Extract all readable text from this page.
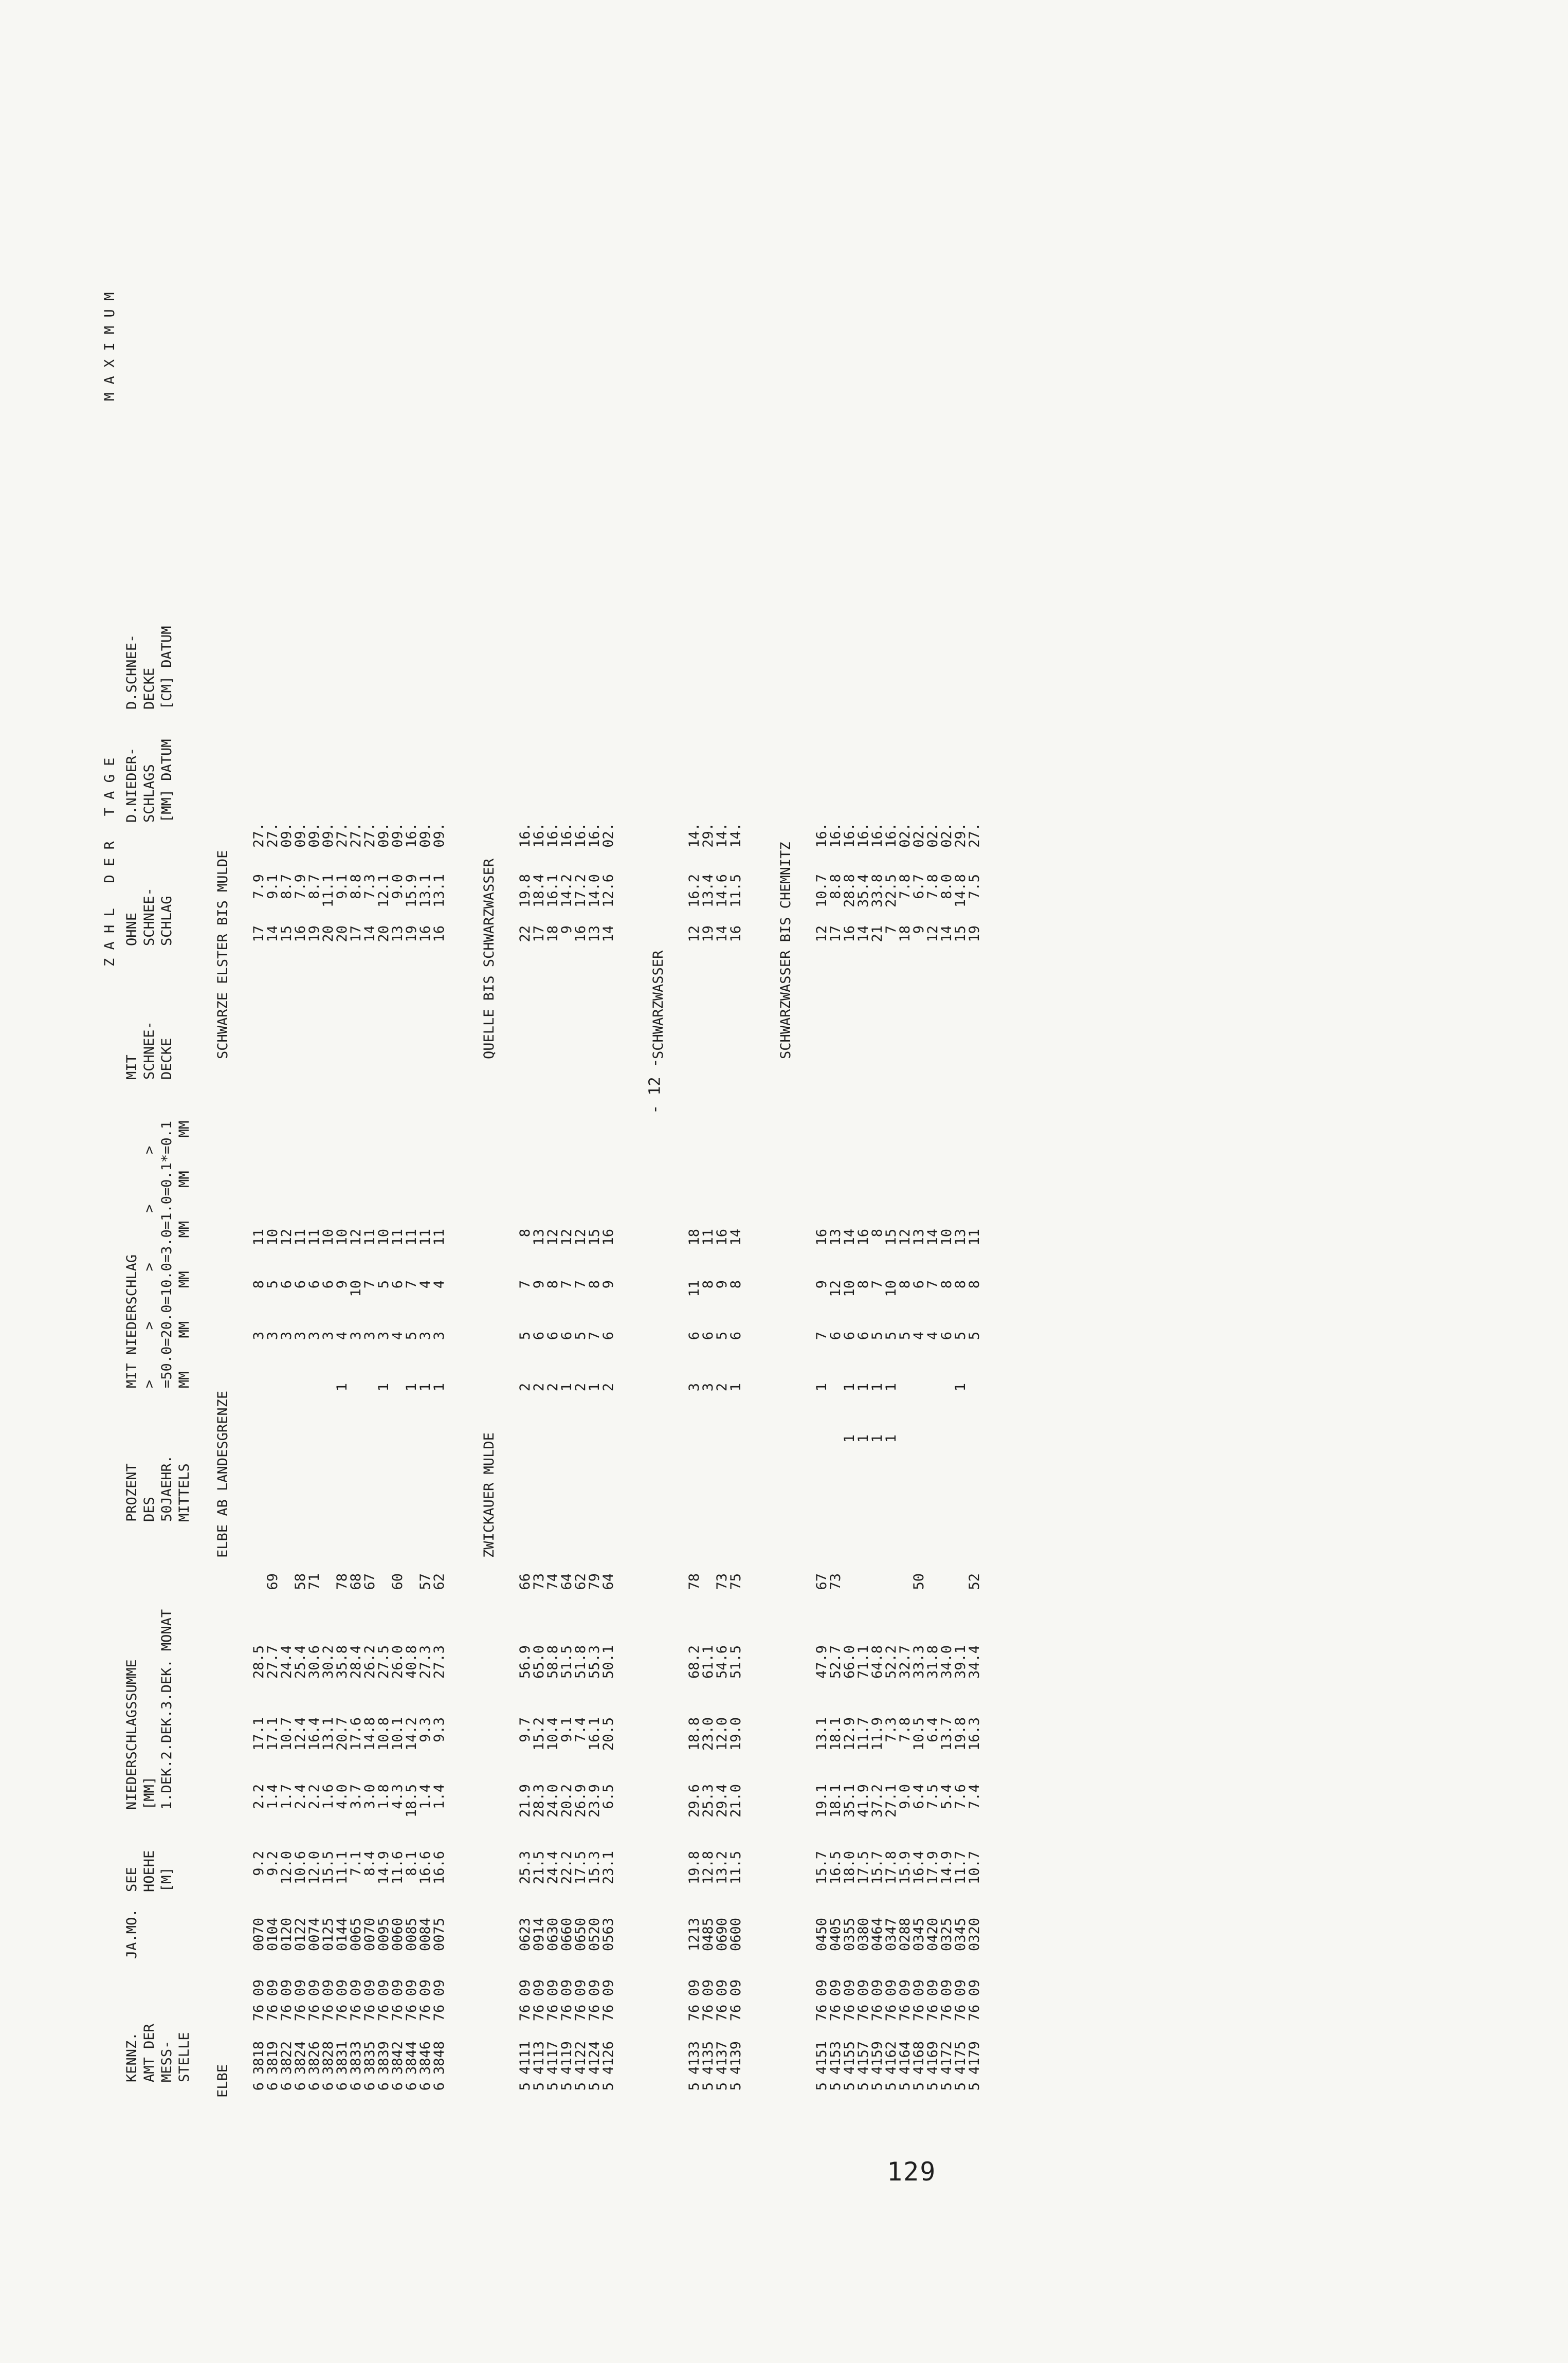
- 12 -
Z A H L   D E R   T A G E
M A X I M U M
KENNZ. AMT DER MESS- STELLE
JA.MO.
SEE HOEHE [M]
NIEDERSCHLAGSSUMME [MM] 1.DEK.2.DEK.3.DEK. MONAT
PROZENT DES 50JAEHR. MITTELS
MIT NIEDERSCHLAG >      >      >      >      > =50.0=20.0=10.0=3.0=1.0=0.1*=0.1 MM    MM    MM    MM    MM    MM
MIT SCHNEE- DECKE
OHNE SCHNEE- SCHLAG
D.NIEDER- SCHLAGS [MM] DATUM
D.SCHNEE- DECKE [CM] DATUM
ELBE
ELBE AB LANDESGRENZE
SCHWARZE ELSTER BIS MULDE
6
3818
76 09
0070
9.2
2.2
17.1
28.5
3
8
11
17
7.9
27.
6
3819
76 09
0104
9.2
1.4
17.1
27.7
69
3
5
10
14
9.1
27.
6
3822
76 09
0120
12.0
1.7
10.7
24.4
3
6
12
15
8.7
09.
6
3824
76 09
0122
10.6
2.4
12.4
25.4
58
3
6
11
16
7.9
09.
6
3826
76 09
0074
12.0
2.2
16.4
30.6
71
3
6
11
19
8.7
09.
6
3828
76 09
0125
15.5
1.6
13.1
30.2
3
6
10
20
11.1
09.
6
3831
76 09
0144
11.1
4.0
20.7
35.8
78
1
4
9
10
20
9.1
27.
6
3833
76 09
0065
7.1
3.7
17.6
28.4
68
3
10
12
17
8.8
27.
6
3835
76 09
0070
8.4
3.0
14.8
26.2
67
3
7
11
14
7.3
27.
6
3839
76 09
0095
14.9
1.8
10.8
27.5
1
3
5
10
20
12.1
09.
6
3842
76 09
0060
11.6
4.3
10.1
26.0
60
4
6
11
13
9.0
09.
6
3844
76 09
0085
8.1
18.5
14.2
40.8
1
5
7
11
19
15.9
16.
6
3846
76 09
0084
16.6
1.4
9.3
27.3
57
1
3
4
11
16
13.1
09.
6
3848
76 09
0075
16.6
1.4
9.3
27.3
62
1
3
4
11
16
13.1
09.
ZWICKAUER MULDE
QUELLE BIS SCHWARZWASSER
5
4111
76 09
0623
25.3
21.9
9.7
56.9
66
2
5
7
8
22
19.8
16.
5
4113
76 09
0914
21.5
28.3
15.2
65.0
73
2
6
9
13
17
18.4
16.
5
4117
76 09
0630
24.4
24.0
10.4
58.8
74
2
6
8
12
18
16.1
16.
5
4119
76 09
0660
22.2
20.2
9.1
51.5
64
1
6
7
12
9
14.2
16.
5
4122
76 09
0650
17.5
26.9
7.4
51.8
62
2
5
7
12
16
17.2
16.
5
4124
76 09
0520
15.3
23.9
16.1
55.3
79
1
7
8
15
13
14.0
16.
5
4126
76 09
0563
23.1
6.5
20.5
50.1
64
2
6
9
16
14
12.6
02.
SCHWARZWASSER
5
4133
76 09
1213
19.8
29.6
18.8
68.2
78
3
6
11
18
12
16.2
14.
5
4135
76 09
0485
12.8
25.3
23.0
61.1
3
6
8
11
19
13.4
29.
5
4137
76 09
0690
13.2
29.4
12.0
54.6
73
2
5
9
16
14
14.6
14.
5
4139
76 09
0600
11.5
21.0
19.0
51.5
75
1
6
8
14
16
11.5
14.
SCHWARZWASSER BIS CHEMNITZ
5
4151
76 09
0450
15.7
19.1
13.1
47.9
67
1
7
9
16
12
10.7
16.
5
4153
76 09
0405
16.5
18.1
18.1
52.7
73
6
12
13
17
8.8
16.
5
4155
76 09
0355
18.0
35.1
12.9
66.0
1
1
6
10
14
16
28.8
16.
5
4157
76 09
0380
17.5
41.9
11.7
71.1
1
1
6
8
16
14
35.4
16.
5
4159
76 09
0464
15.7
37.2
11.9
64.8
1
1
5
7
8
21
33.8
16.
5
4162
76 09
0347
17.8
27.1
7.3
52.2
1
1
5
10
15
7
22.5
16.
5
4164
76 09
0288
15.9
9.0
7.8
32.7
5
8
12
18
7.8
02.
5
4168
76 09
0345
16.4
6.4
10.5
33.3
50
4
6
13
9
6.7
02.
5
4169
76 09
0420
17.9
7.5
6.4
31.8
4
7
14
12
7.8
02.
5
4172
76 09
0325
14.9
5.4
13.7
34.0
6
8
10
14
8.0
02.
5
4175
76 09
0345
11.7
7.6
19.8
39.1
1
5
8
13
15
14.8
29.
5
4179
76 09
0320
10.7
7.4
16.3
34.4
52
5
8
11
19
7.5
27.
129
